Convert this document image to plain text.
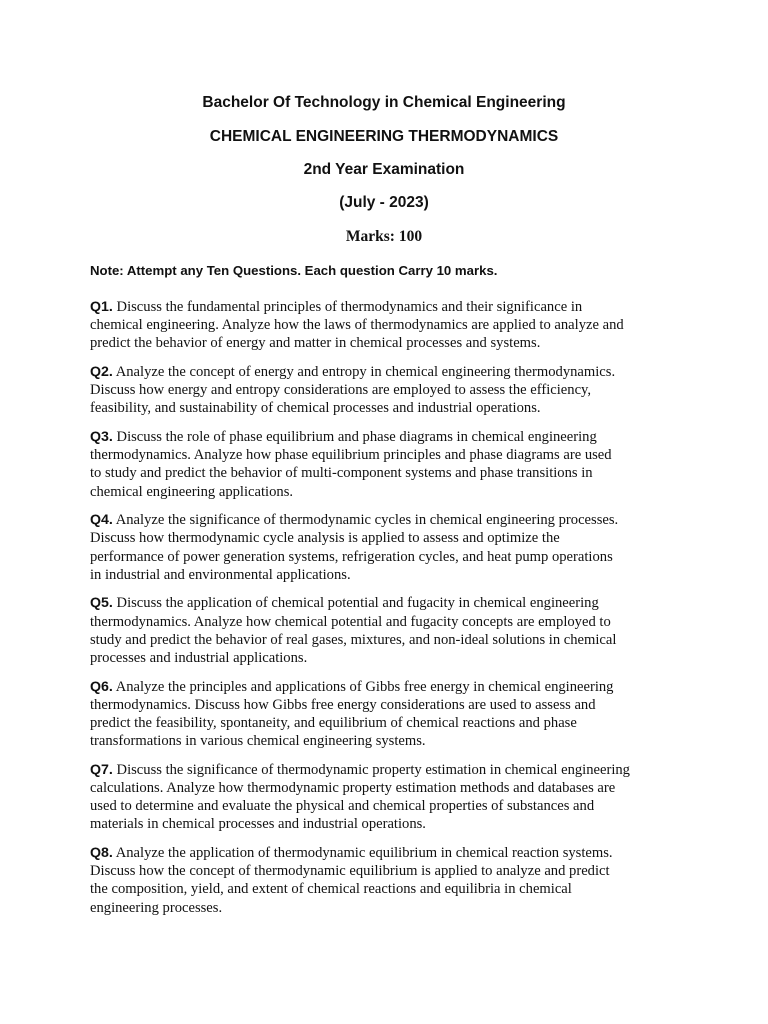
Bachelor Of Technology in Chemical Engineering
CHEMICAL ENGINEERING THERMODYNAMICS
2nd Year Examination
(July - 2023)
Marks: 100
Note: Attempt any Ten Questions. Each question Carry 10 marks.
Q1. Discuss the fundamental principles of thermodynamics and their significance in
chemical engineering. Analyze how the laws of thermodynamics are applied to analyze and
predict the behavior of energy and matter in chemical processes and systems.
Q2. Analyze the concept of energy and entropy in chemical engineering thermodynamics.
Discuss how energy and entropy considerations are employed to assess the efficiency,
feasibility, and sustainability of chemical processes and industrial operations.
Q3. Discuss the role of phase equilibrium and phase diagrams in chemical engineering
thermodynamics. Analyze how phase equilibrium principles and phase diagrams are used
to study and predict the behavior of multi-component systems and phase transitions in
chemical engineering applications.
Q4. Analyze the significance of thermodynamic cycles in chemical engineering processes.
Discuss how thermodynamic cycle analysis is applied to assess and optimize the
performance of power generation systems, refrigeration cycles, and heat pump operations
in industrial and environmental applications.
Q5. Discuss the application of chemical potential and fugacity in chemical engineering
thermodynamics. Analyze how chemical potential and fugacity concepts are employed to
study and predict the behavior of real gases, mixtures, and non-ideal solutions in chemical
processes and industrial applications.
Q6. Analyze the principles and applications of Gibbs free energy in chemical engineering
thermodynamics. Discuss how Gibbs free energy considerations are used to assess and
predict the feasibility, spontaneity, and equilibrium of chemical reactions and phase
transformations in various chemical engineering systems.
Q7. Discuss the significance of thermodynamic property estimation in chemical engineering
calculations. Analyze how thermodynamic property estimation methods and databases are
used to determine and evaluate the physical and chemical properties of substances and
materials in chemical processes and industrial operations.
Q8. Analyze the application of thermodynamic equilibrium in chemical reaction systems.
Discuss how the concept of thermodynamic equilibrium is applied to analyze and predict
the composition, yield, and extent of chemical reactions and equilibria in chemical
engineering processes.
